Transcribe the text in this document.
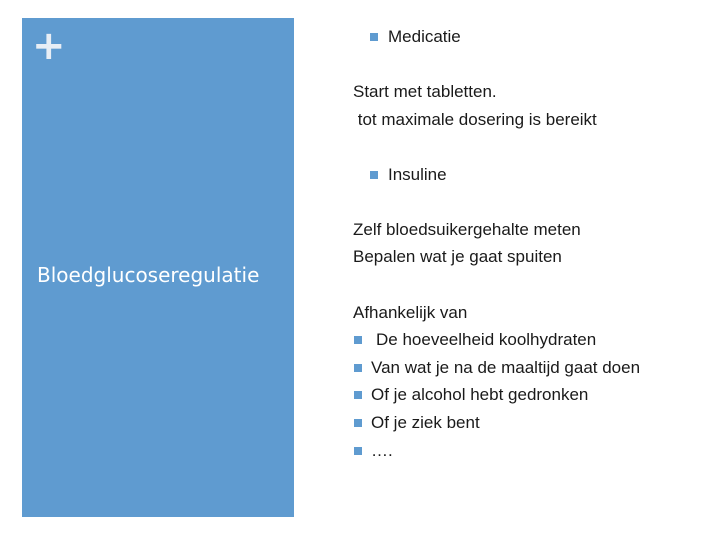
+
Bloedglucoseregulatie
Medicatie
Start met tabletten.
tot maximale dosering is bereikt
Insuline
Zelf bloedsuikergehalte meten
Bepalen wat je gaat spuiten
Afhankelijk van
De hoeveelheid koolhydraten
Van wat je na de maaltijd gaat doen
Of je alcohol hebt gedronken
Of je ziek bent
….
